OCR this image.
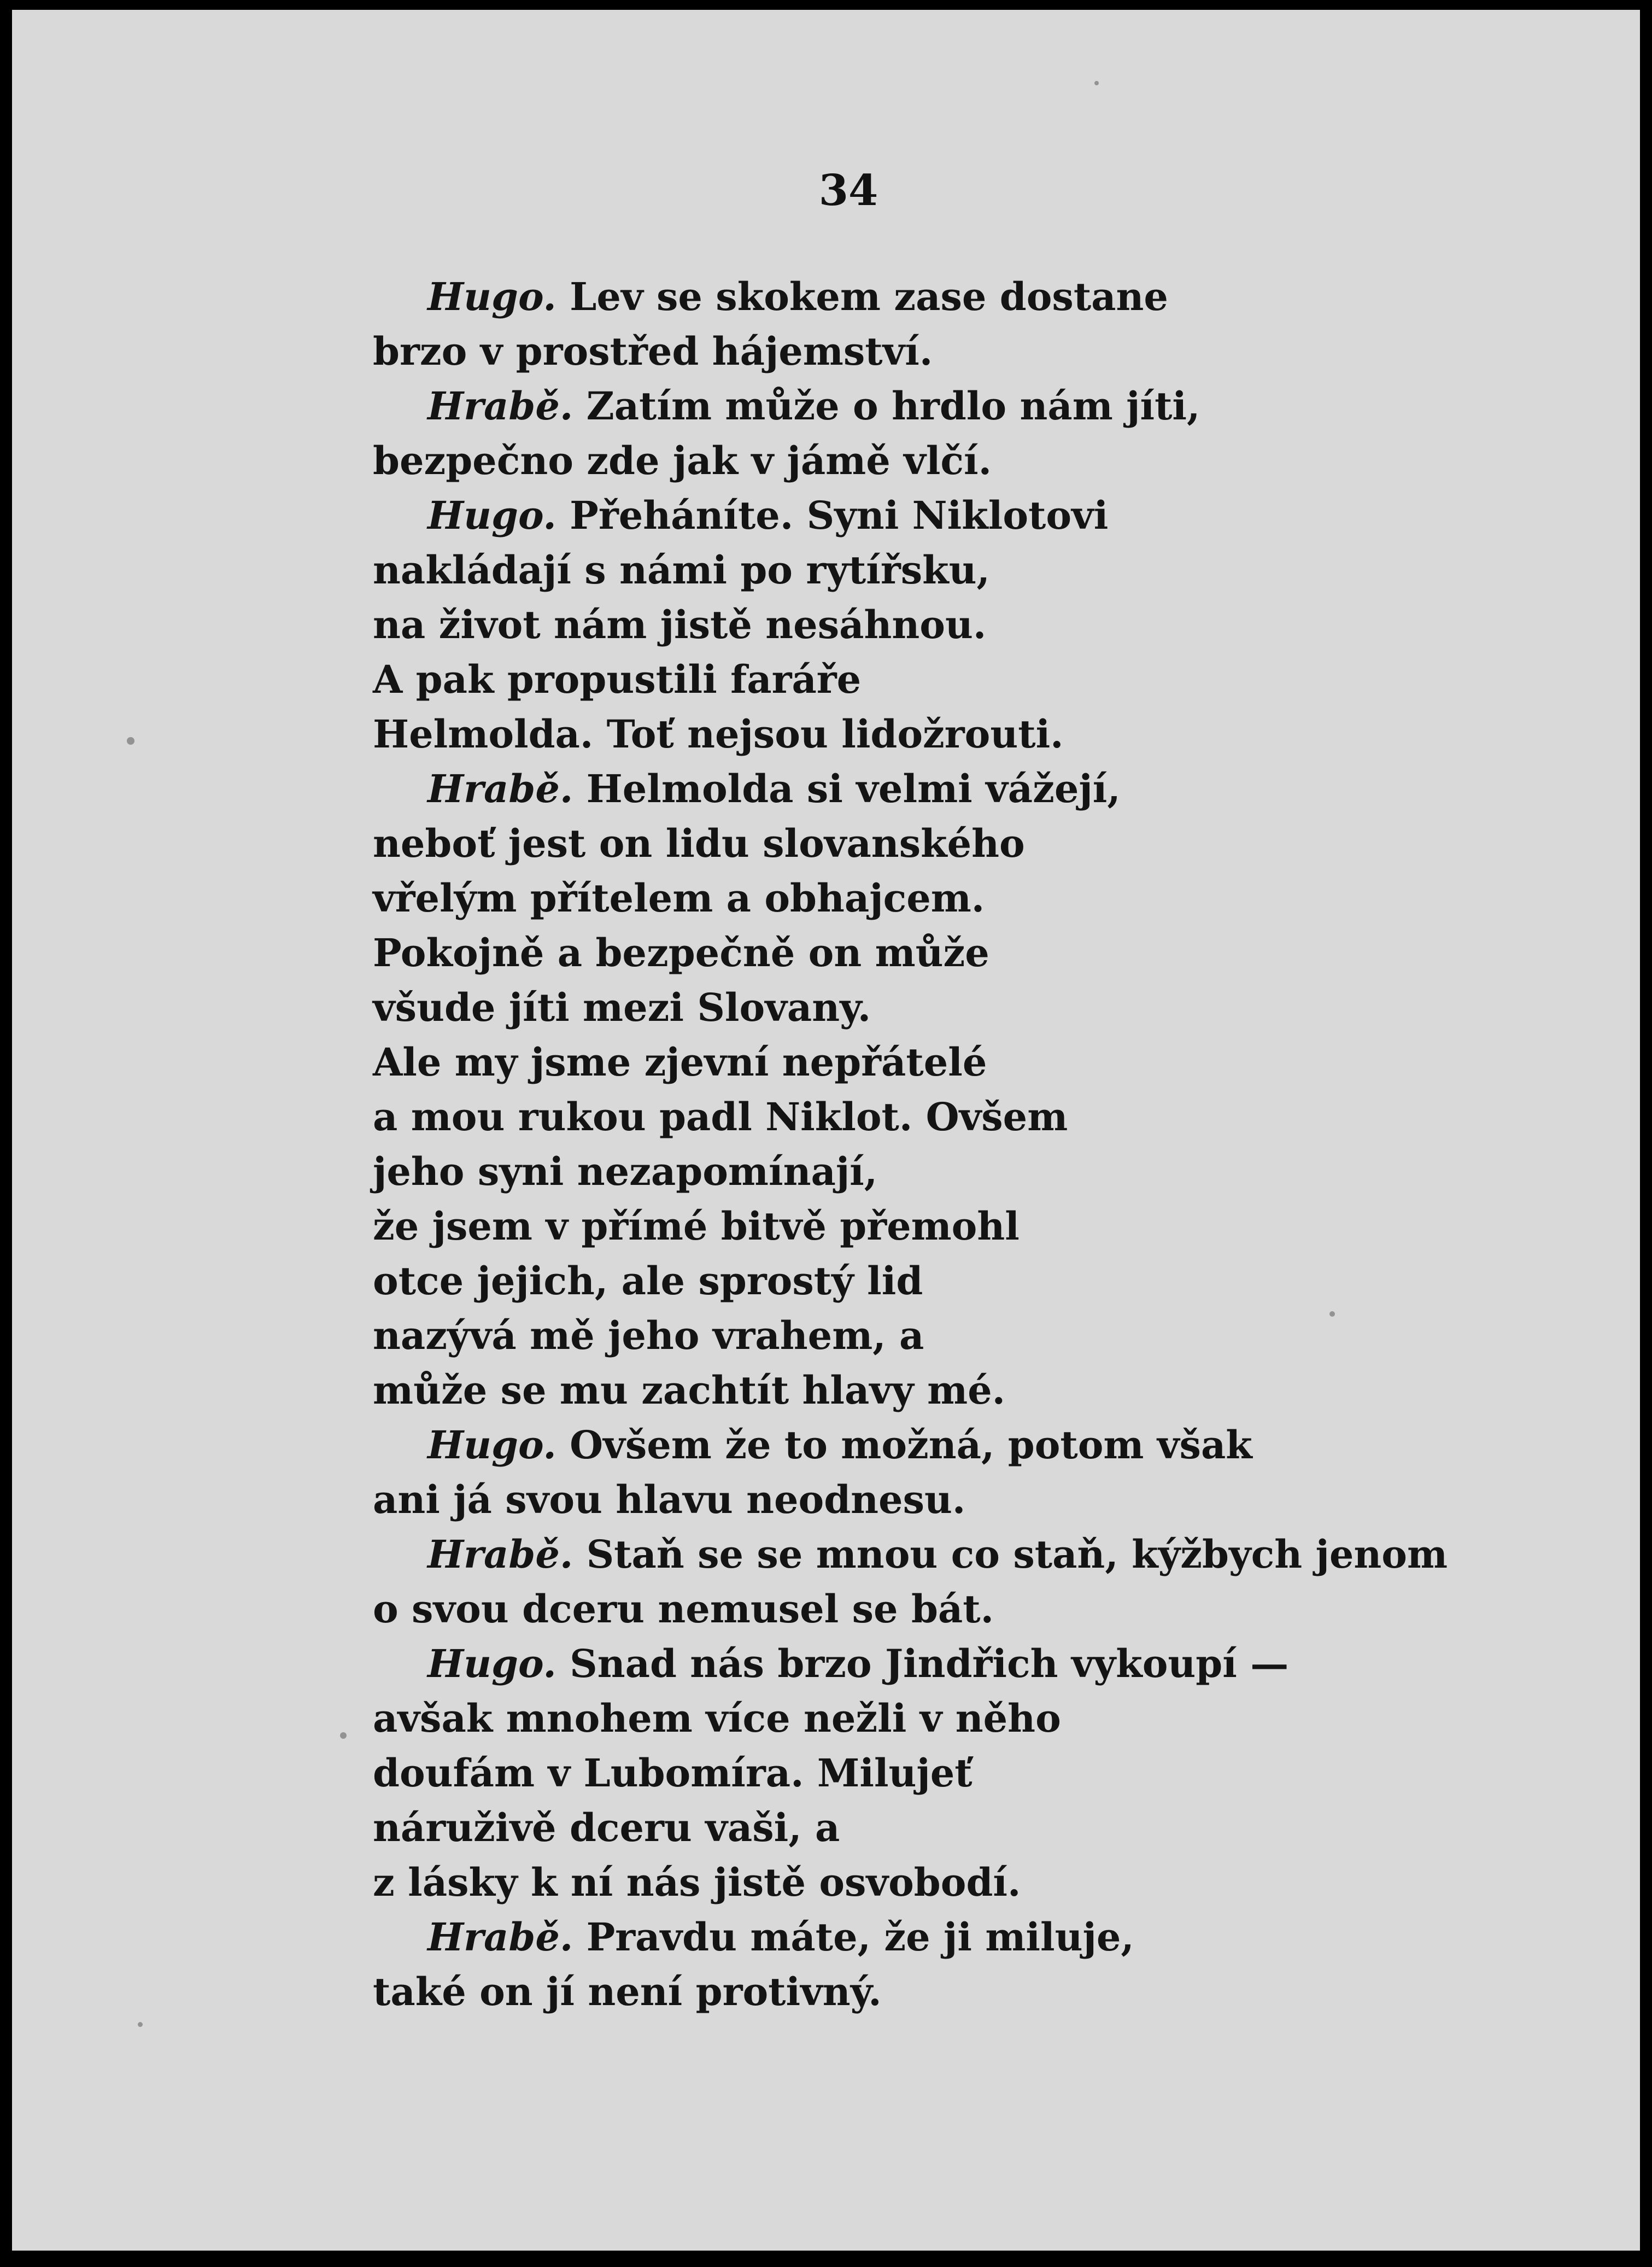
34
Hugo. Lev se skokem zase dostane
brzo v prostřed hájemství.
Hrabě. Zatím může o hrdlo nám jíti,
bezpečno zde jak v jámě vlčí.
Hugo. Přeháníte. Syni Niklotovi
nakládají s námi po rytířsku,
na život nám jistě nesáhnou.
A pak propustili faráře
Helmolda. Toť nejsou lidožrouti.
Hrabě. Helmolda si velmi vážejí,
neboť jest on lidu slovanského
vřelým přítelem a obhajcem.
Pokojně a bezpečně on může
všude jíti mezi Slovany.
Ale my jsme zjevní nepřátelé
a mou rukou padl Niklot. Ovšem
jeho syni nezapomínají,
že jsem v přímé bitvě přemohl
otce jejich, ale sprostý lid
nazývá mě jeho vrahem, a
může se mu zachtít hlavy mé.
Hugo. Ovšem že to možná, potom však
ani já svou hlavu neodnesu.
Hrabě. Staň se se mnou co staň, kýžbych jenom
o svou dceru nemusel se bát.
Hugo. Snad nás brzo Jindřich vykoupí —
avšak mnohem více nežli v něho
doufám v Lubomíra. Milujeť
náruživě dceru vaši, a
z lásky k ní nás jistě osvobodí.
Hrabě. Pravdu máte, že ji miluje,
také on jí není protivný.
